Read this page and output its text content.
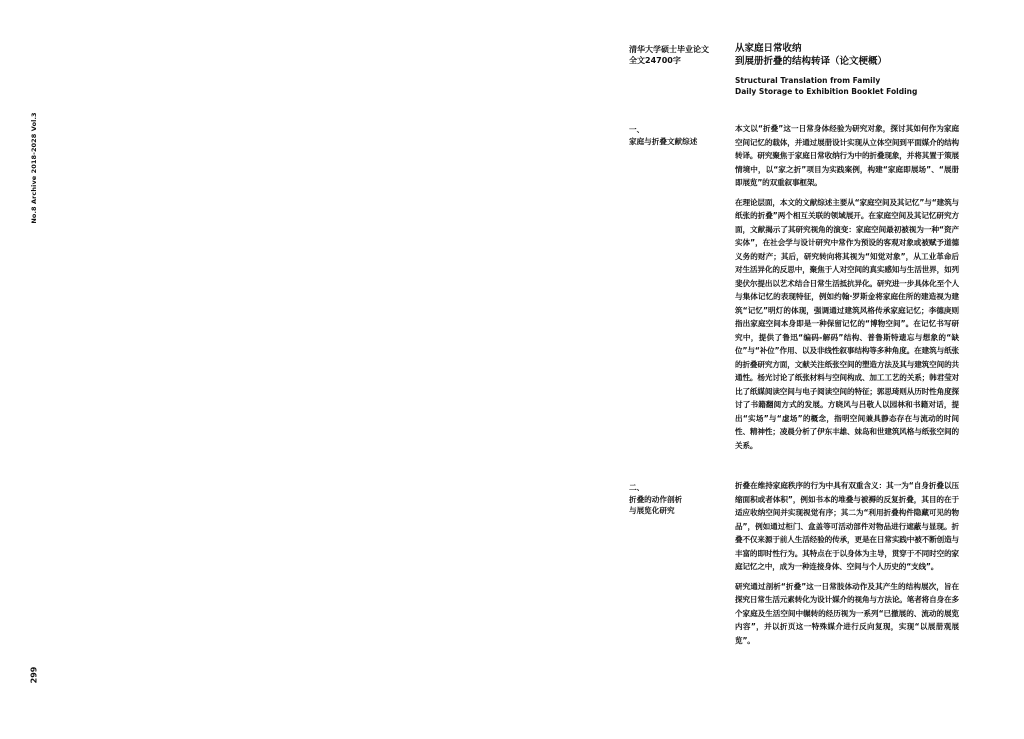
No.8 Archive 2018-2028 Vol.3
299
清华大学硕士毕业论文
全文24700字
从家庭日常收纳
到展册折叠的结构转译（论文梗概）
Structural Translation from Family
Daily Storage to Exhibition Booklet Folding
一、
家庭与折叠文献综述

本文以“折叠”这一日常身体经验为研究对象，探讨其如何作为家庭空间记忆的载体，并通过展册设计实现从立体空间到平面媒介的结构转译。研究聚焦于家庭日常收纳行为中的折叠现象，并将其置于策展情境中，以“家之折”项目为实践案例，构建“家庭即展场”、“展册即展览”的双重叙事框架。

在理论层面，本文的文献综述主要从“家庭空间及其记忆”与“建筑与纸张的折叠”两个相互关联的领域展开。在家庭空间及其记忆研究方面，文献揭示了其研究视角的演变：家庭空间最初被视为一种“资产实体”，在社会学与设计研究中常作为预设的客观对象或被赋予道德义务的财产；其后，研究转向将其视为“知觉对象”，从工业革命后对生活异化的反思中，聚焦于人对空间的真实感知与生活世界，如列斐伏尔提出以艺术结合日常生活抵抗异化。研究进一步具体化至个人与集体记忆的表现特征，例如约翰·罗斯金将家庭住所的建造视为建筑“记忆”明灯的体现，强调通过建筑风格传承家庭记忆；李德庚则指出家庭空间本身即是一种保留记忆的“博物空间”。在记忆书写研究中，提供了鲁迅“编码-解码”结构、普鲁斯特遗忘与想象的“缺位”与“补位”作用、以及非线性叙事结构等多种角度。在建筑与纸张的折叠研究方面，文献关注纸张空间的塑造方法及其与建筑空间的共通性。杨光讨论了纸张材料与空间构成、加工工艺的关系；韩君莹对比了纸媒阅读空间与电子阅读空间的特征；郭思琦则从历时性角度探讨了书籍翻阅方式的发展。方晓风与吕敬人以园林和书籍对话，提出“实场”与“虚场”的概念，指明空间兼具静态存在与流动的时间性、精神性；凌晨分析了伊东丰雄、妹岛和世建筑风格与纸张空间的关系。

二、
折叠的动作剖析
与展览化研究

折叠在维持家庭秩序的行为中具有双重含义：其一为“自身折叠以压缩面积或者体积”，例如书本的堆叠与被褥的反复折叠，其目的在于适应收纳空间并实现视觉有序；其二为“利用折叠构件隐藏可见的物品”，例如通过柜门、盒盖等可活动部件对物品进行遮蔽与显现。折叠不仅来源于前人生活经验的传承，更是在日常实践中被不断创造与丰富的即时性行为。其特点在于以身体为主导，贯穿于不同时空的家庭记忆之中，成为一种连接身体、空间与个人历史的“支线”。

研究通过剖析“折叠”这一日常肢体动作及其产生的结构展次，旨在探究日常生活元素转化为设计媒介的视角与方法论。笔者将自身在多个家庭及生活空间中辗转的经历视为一系列“已撤展的、流动的展览内容”，并以折页这一特殊媒介进行反向复现，实现“以展册观展览”。
